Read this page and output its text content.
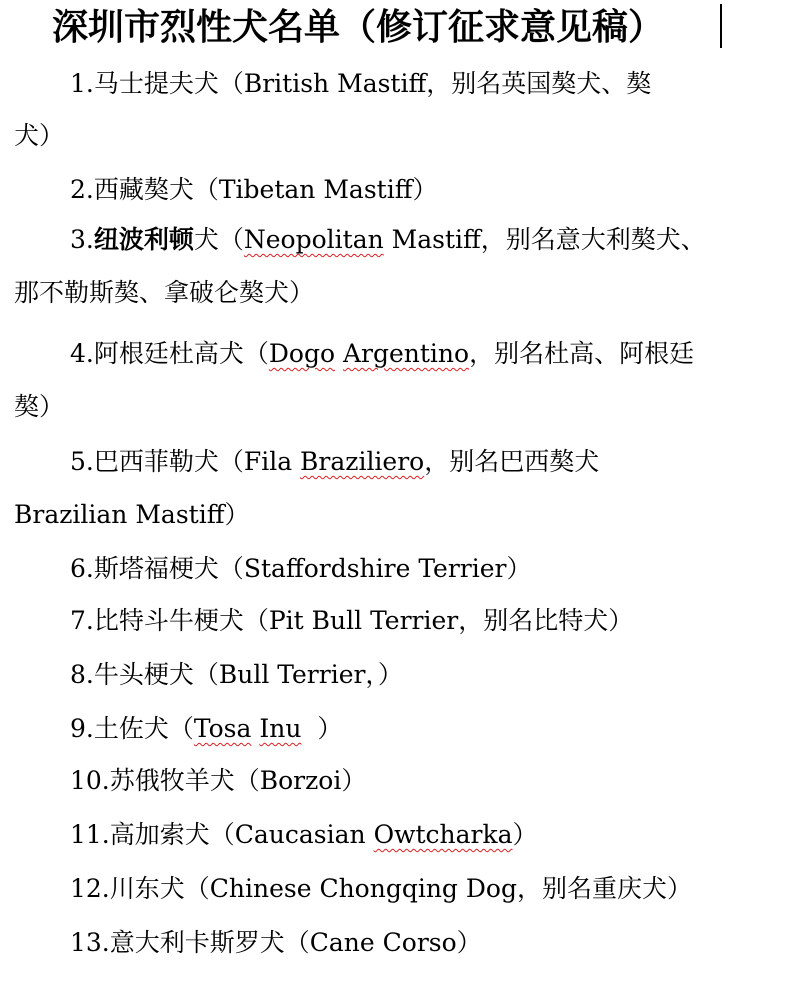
深圳市烈性犬名单（修订征求意见稿）
1.马士提夫犬（British Mastiff，别名英国獒犬、獒
犬）
2.西藏獒犬（Tibetan Mastiff）
3.纽波利顿犬（Neopolitan Mastiff，别名意大利獒犬、
那不勒斯獒、拿破仑獒犬）
4.阿根廷杜高犬（Dogo Argentino，别名杜高、阿根廷
獒）
5.巴西菲勒犬（Fila Braziliero，别名巴西獒犬
Brazilian Mastiff）
6.斯塔福梗犬（Staffordshire Terrier）
7.比特斗牛梗犬（Pit Bull Terrier，别名比特犬）
8.牛头梗犬（Bull Terrier，）
9.土佐犬（Tosa Inu  ）
10.苏俄牧羊犬（Borzoi）
11.高加索犬（Caucasian Owtcharka）
12.川东犬（Chinese Chongqing Dog，别名重庆犬）
13.意大利卡斯罗犬（Cane Corso）
